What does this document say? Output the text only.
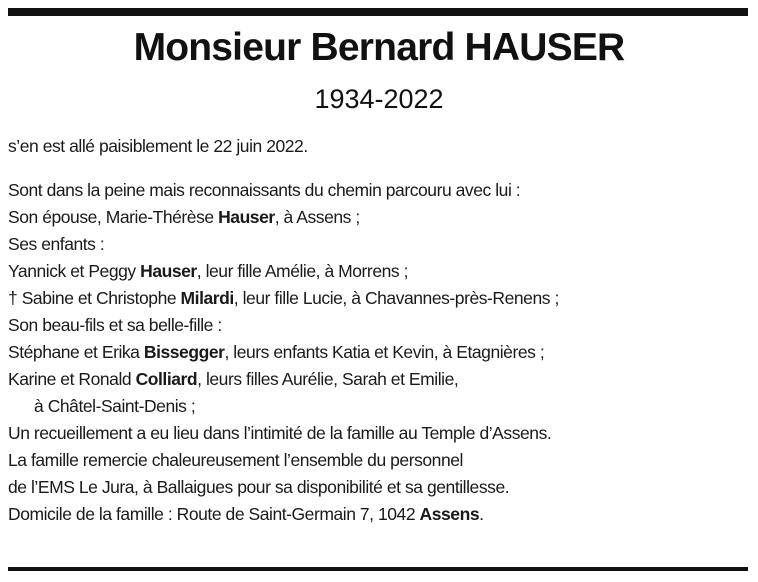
Monsieur Bernard HAUSER
1934-2022
s’en est allé paisiblement le 22 juin 2022.
Sont dans la peine mais reconnaissants du chemin parcouru avec lui :
Son épouse, Marie-Thérèse Hauser, à Assens ;
Ses enfants :
Yannick et Peggy Hauser, leur fille Amélie, à Morrens ;
† Sabine et Christophe Milardi, leur fille Lucie, à Chavannes-près-Renens ;
Son beau-fils et sa belle-fille :
Stéphane et Erika Bissegger, leurs enfants Katia et Kevin, à Etagnières ;
Karine et Ronald Colliard, leurs filles Aurélie, Sarah et Emilie,
à Châtel-Saint-Denis ;
Un recueillement a eu lieu dans l’intimité de la famille au Temple d’Assens.
La famille remercie chaleureusement l’ensemble du personnel
de l’EMS Le Jura, à Ballaigues pour sa disponibilité et sa gentillesse.
Domicile de la famille : Route de Saint-Germain 7, 1042 Assens.
